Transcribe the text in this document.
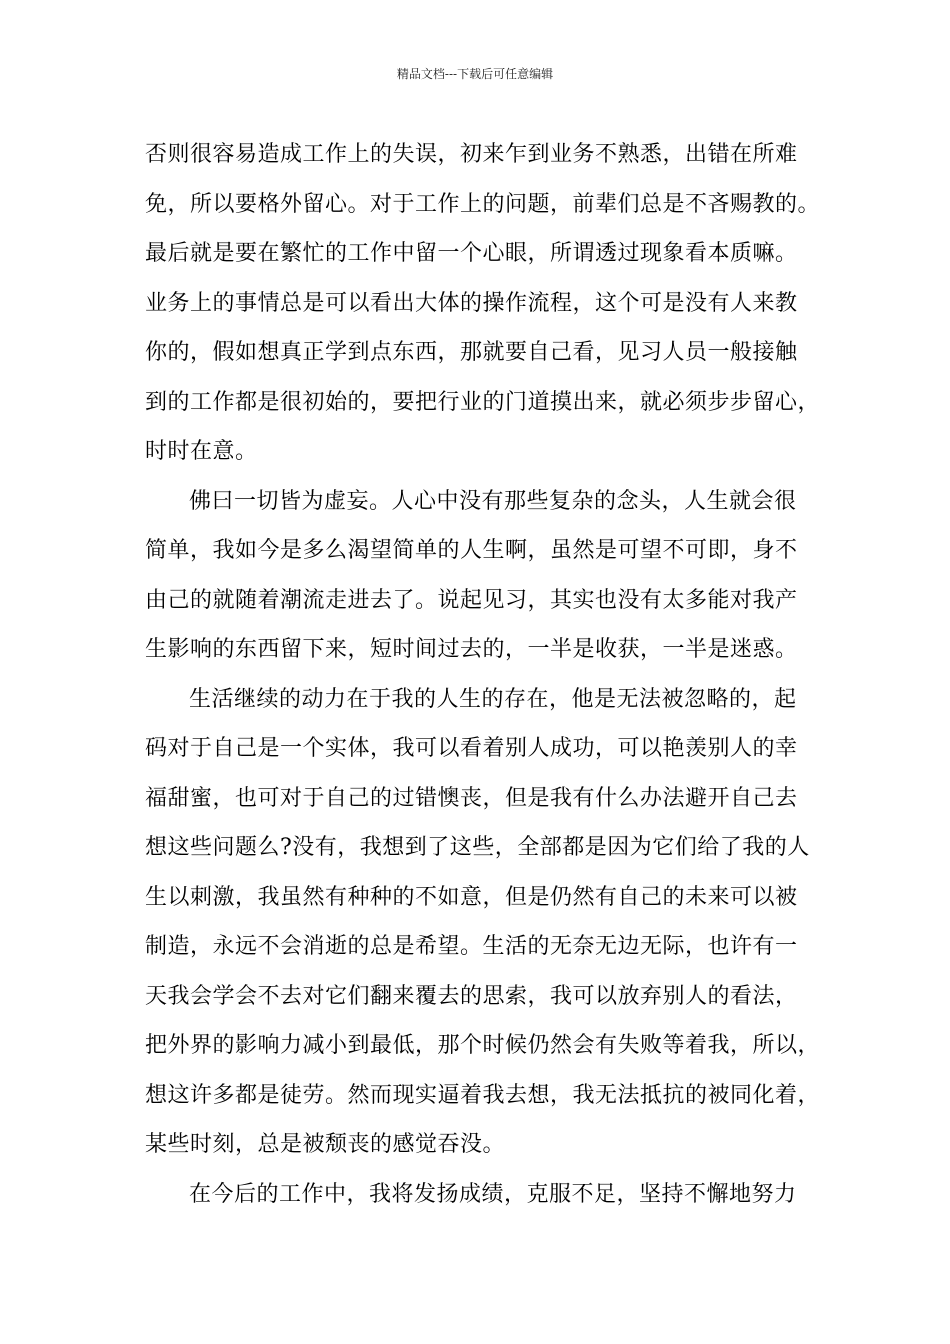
精品文档---下载后可任意编辑
否则很容易造成工作上的失误，初来乍到业务不熟悉，出错在所难
免，所以要格外留心。对于工作上的问题，前辈们总是不吝赐教的。
最后就是要在繁忙的工作中留一个心眼，所谓透过现象看本质嘛。
业务上的事情总是可以看出大体的操作流程，这个可是没有人来教
你的，假如想真正学到点东西，那就要自己看，见习人员一般接触
到的工作都是很初始的，要把行业的门道摸出来，就必须步步留心，
时时在意。
佛曰一切皆为虚妄。人心中没有那些复杂的念头，人生就会很
简单，我如今是多么渴望简单的人生啊，虽然是可望不可即，身不
由己的就随着潮流走进去了。说起见习，其实也没有太多能对我产
生影响的东西留下来，短时间过去的，一半是收获，一半是迷惑。
生活继续的动力在于我的人生的存在，他是无法被忽略的，起
码对于自己是一个实体，我可以看着别人成功，可以艳羡别人的幸
福甜蜜，也可对于自己的过错懊丧，但是我有什么办法避开自己去
想这些问题么?没有，我想到了这些，全部都是因为它们给了我的人
生以刺激，我虽然有种种的不如意，但是仍然有自己的未来可以被
制造，永远不会消逝的总是希望。生活的无奈无边无际，也许有一
天我会学会不去对它们翻来覆去的思索，我可以放弃别人的看法，
把外界的影响力减小到最低，那个时候仍然会有失败等着我，所以，
想这许多都是徒劳。然而现实逼着我去想，我无法抵抗的被同化着，
某些时刻，总是被颓丧的感觉吞没。
在今后的工作中，我将发扬成绩，克服不足，坚持不懈地努力
